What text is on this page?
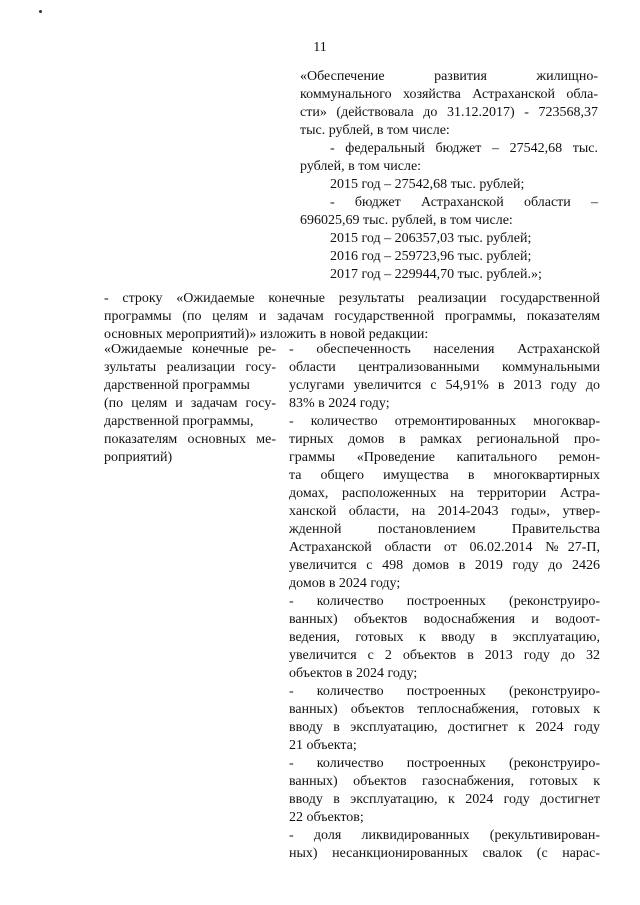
11

«Обеспечение развития жилищно-

коммунального хозяйства Астраханской обла-

сти» (действовала до 31.12.2017) - 723568,37

тыс. рублей, в том числе:

- федеральный бюджет – 27542,68 тыс.

рублей, в том числе:

2015 год – 27542,68 тыс. рублей;

- бюджет Астраханской области –

696025,69 тыс. рублей, в том числе:

2015 год – 206357,03 тыс. рублей;

2016 год – 259723,96 тыс. рублей;

2017 год – 229944,70 тыс. рублей.»;

- строку «Ожидаемые конечные результаты реализации государственной

программы (по целям и задачам государственной программы, показателям

основных мероприятий)» изложить в новой редакции:

«Ожидаемые конечные ре-

зультаты реализации госу-

дарственной программы

(по целям и задачам госу-

дарственной программы,

показателям основных ме-

роприятий)

- обеспеченность населения Астраханской

области централизованными коммунальными

услугами увеличится с 54,91% в 2013 году до

83% в 2024 году;

- количество отремонтированных многоквар-

тирных домов в рамках региональной про-

граммы «Проведение капитального ремон-

та общего имущества в многоквартирных

домах, расположенных на территории Астра-

ханской области, на 2014-2043 годы», утвер-

жденной постановлением Правительства

Астраханской области от 06.02.2014 №27-П,

увеличится с 498 домов в 2019 году до 2426

домов в 2024 году;

- количество построенных (реконструиро-

ванных) объектов водоснабжения и водоот-

ведения, готовых к вводу в эксплуатацию,

увеличится с 2 объектов в 2013 году до 32

объектов в 2024 году;

- количество построенных (реконструиро-

ванных) объектов теплоснабжения, готовых к

вводу в эксплуатацию, достигнет к 2024 году

21 объекта;

- количество построенных (реконструиро-

ванных) объектов газоснабжения, готовых к

вводу в эксплуатацию, к 2024 году достигнет

22 объектов;

- доля ликвидированных (рекультивирован-

ных) несанкционированных свалок (с нарас-
